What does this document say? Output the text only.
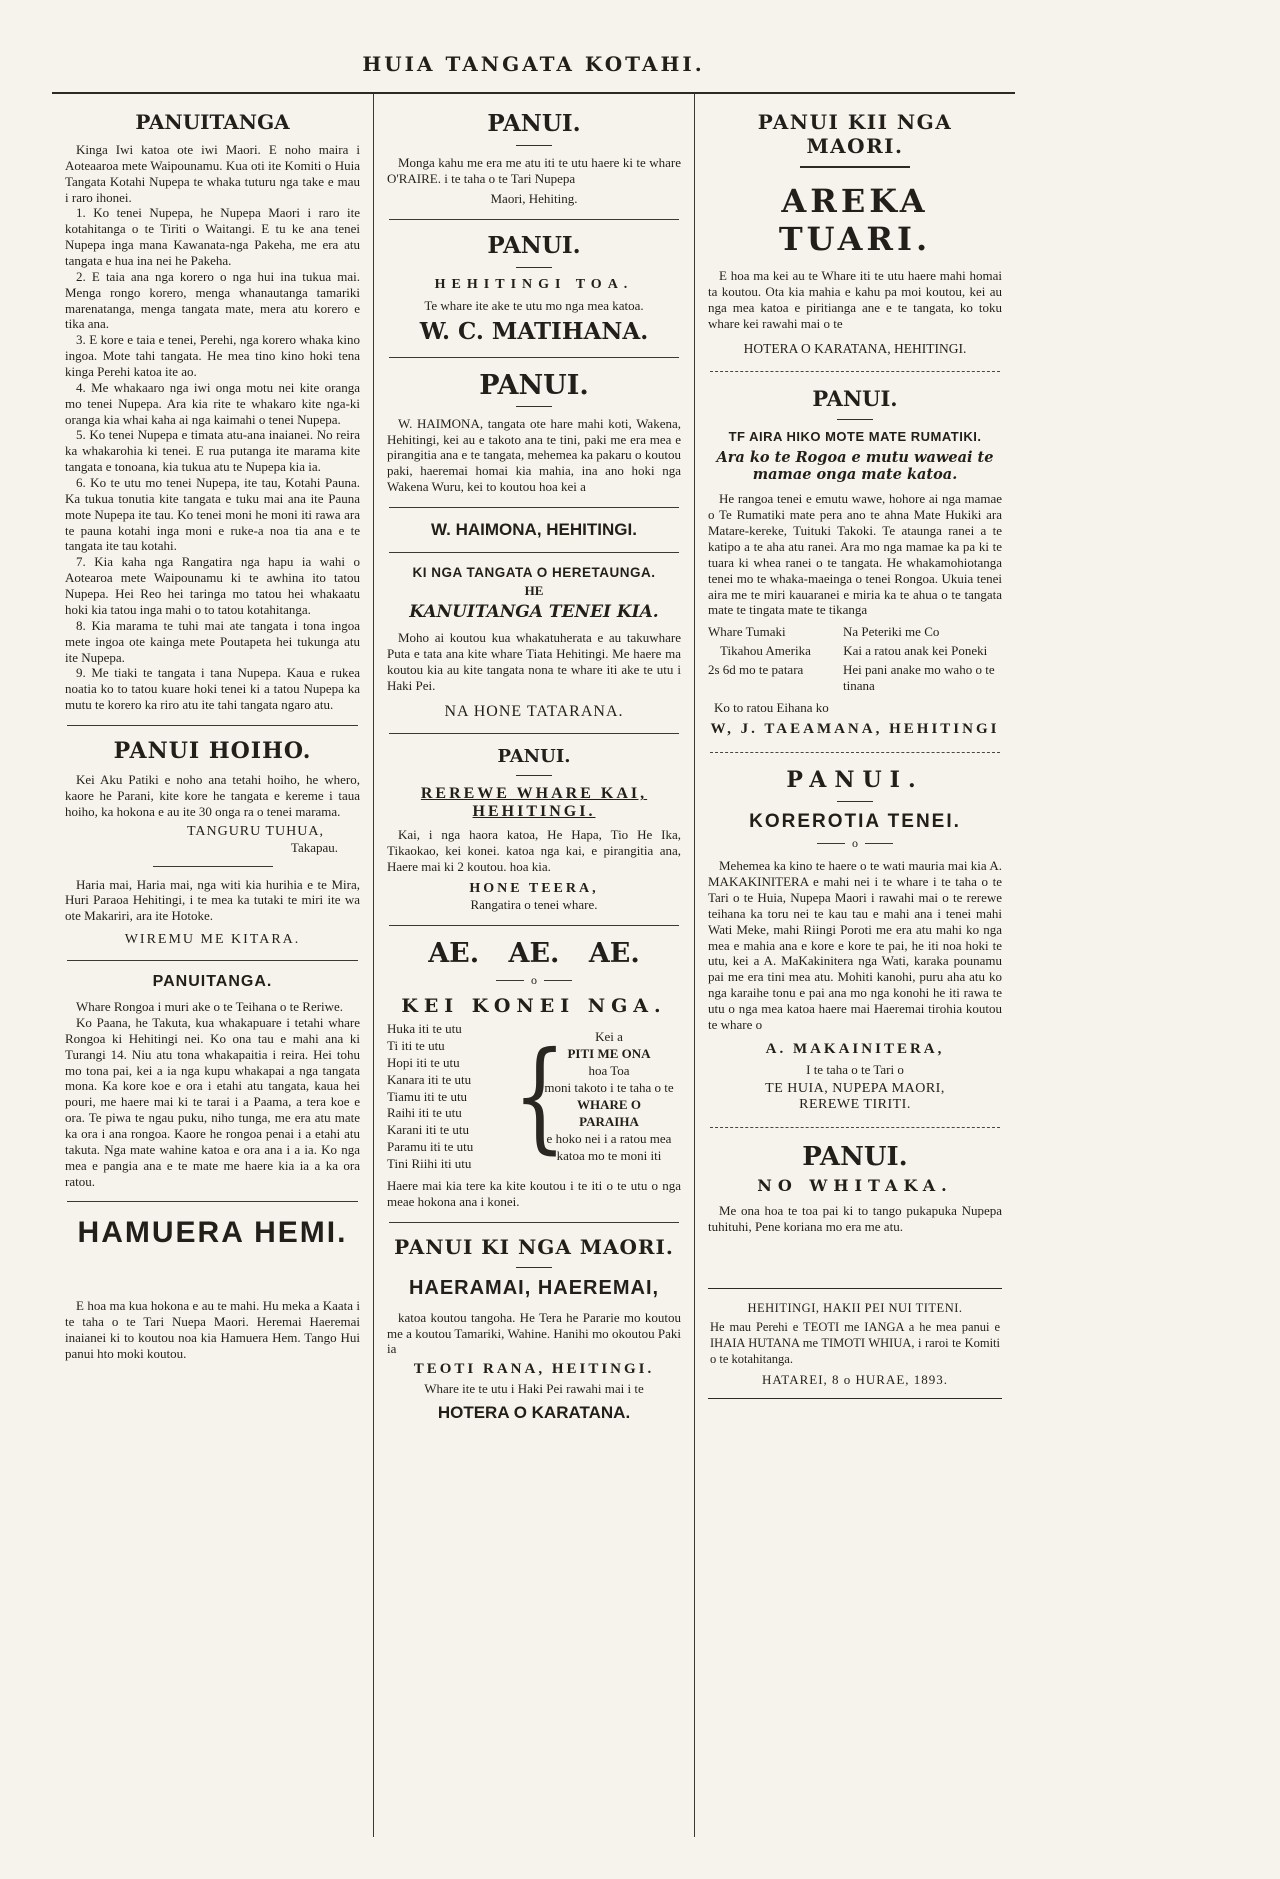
HUIA TANGATA KOTAHI.
PANUITANGA

Kinga Iwi katoa ote iwi Maori. E noho maira i Aoteaaroa mete Waipounamu. Kua oti ite Komiti o Huia Tangata Kotahi Nupepa te whaka tuturu nga take e mau i raro ihonei.

1. Ko tenei Nupepa, he Nupepa Maori i raro ite kotahitanga o te Tiriti o Waitangi. E tu ke ana tenei Nupepa inga mana Kawanata-nga Pakeha, me era atu tangata e hua ina nei he Pakeha.

2. E taia ana nga korero o nga hui ina tukua mai. Menga rongo korero, menga whanautanga tamariki marenatanga, menga tangata mate, mera atu korero e tika ana.

3. E kore e taia e tenei, Perehi, nga korero whaka kino ingoa. Mote tahi tangata. He mea tino kino hoki tena kinga Perehi katoa ite ao.

4. Me whakaaro nga iwi onga motu nei kite oranga mo tenei Nupepa. Ara kia rite te whakaro kite nga-ki oranga kia whai kaha ai nga kaimahi o tenei Nupepa.

5. Ko tenei Nupepa e timata atu-ana inaianei. No reira ka whakarohia ki tenei. E rua putanga ite marama kite tangata e tonoana, kia tukua atu te Nupepa kia ia.

6. Ko te utu mo tenei Nupepa, ite tau, Kotahi Pauna. Ka tukua tonutia kite tangata e tuku mai ana ite Pauna mote Nupepa ite tau. Ko tenei moni he moni iti rawa ara te pauna kotahi inga moni e ruke-a noa tia ana e te tangata ite tau kotahi.

7. Kia kaha nga Rangatira nga hapu ia wahi o Aotearoa mete Waipounamu ki te awhina ito tatou Nupepa. Hei Reo hei taringa mo tatou hei whakaatu hoki kia tatou inga mahi o to tatou kotahitanga.

8. Kia marama te tuhi mai ate tangata i tona ingoa mete ingoa ote kainga mete Poutapeta hei tukunga atu ite Nupepa.

9. Me tiaki te tangata i tana Nupepa. Kaua e rukea noatia ko to tatou kuare hoki tenei ki a tatou Nupepa ka mutu te korero ka riro atu ite tahi tangata ngaro atu.

PANUI HOIHO.

Kei Aku Patiki e noho ana tetahi hoiho, he whero, kaore he Parani, kite kore he tangata e kereme i taua hoiho, ka hokona e au ite 30 onga ra o tenei marama.

TANGURU TUHUA,
Takapau.

Haria mai, Haria mai, nga witi kia hurihia e te Mira, Huri Paraoa Hehitingi, i te mea ka tutaki te miri ite wa ote Makariri, ara ite Hotoke.

WIREMU ME KITARA.
PANUITANGA.

Whare Rongoa i muri ake o te Teihana o te Reriwe.

Ko Paana, he Takuta, kua whakapuare i tetahi whare Rongoa ki Hehitingi nei. Ko ona tau e mahi ana ki Turangi 14. Niu atu tona whakapaitia i reira. Hei tohu mo tona pai, kei a ia nga kupu whakapai a nga tangata mona. Ka kore koe e ora i etahi atu tangata, kaua hei pouri, me haere mai ki te tarai i a Paama, a tera koe e ora. Te piwa te ngau puku, niho tunga, me era atu mate ka ora i ana rongoa. Kaore he rongoa penai i a etahi atu takuta. Nga mate wahine katoa e ora ana i a ia. Ko nga mea e pangia ana e te mate me haere kia ia a ka ora ratou.

HAMUERA HEMI.

E hoa ma kua hokona e au te mahi. Hu meka a Kaata i te taha o te Tari Nuepa Maori. Heremai Haeremai inaianei ki to koutou noa kia Hamuera Hem. Tango Hui panui hto moki koutou.

PANUI.

Monga kahu me era me atu iti te utu haere ki te whare O'RAIRE. i te taha o te Tari Nupepa

Maori, Hehiting.

PANUI.
HEHITINGI TOA.

Te whare ite ake te utu mo nga mea katoa.

W. C. MATIHANA.
PANUI.

W. HAIMONA, tangata ote hare mahi koti, Wakena, Hehitingi, kei au e takoto ana te tini, paki me era mea e pirangitia ana e te tangata, mehemea ka pakaru o koutou paki, haeremai homai kia mahia, ina ano hoki nga Wakena Wuru, kei to koutou hoa kei a

W. HAIMONA, HEHITINGI.
KI NGA TANGATA O HERETAUNGA.
HE
KANUITANGA TENEI KIA.

Moho ai koutou kua whakatuherata e au takuwhare Puta e tata ana kite whare Tiata Hehitingi. Me haere ma koutou kia au kite tangata nona te whare iti ake te utu i Haki Pei.

NA HONE TATARANA.
PANUI.
REREWE WHARE KAI,
HEHITINGI.

Kai, i nga haora katoa, He Hapa, Tio He Ika, Tikaokao, kei konei. katoa nga kai, e pirangitia ana, Haere mai ki 2 koutou. hoa kia.

HONE TEERA,
Rangatira o tenei whare.
AE. AE. AE.
o
KEI KONEI NGA.
Huka iti te utu
Ti iti te utu
Hopi iti te utu
Kanara iti te utu
Tiamu iti te utu
Raihi iti te utu
Karani iti te utu
Paramu iti te utu
Tini Riihi iti utu {	Kei a
PITI ME ONA
hoa Toa
moni takoto i te taha o te
WHARE O
PARAIHA
e hoko nei i a ratou mea katoa mo te moni iti

Haere mai kia tere ka kite koutou i te iti o te utu o nga meae hokona ana i konei.

PANUI KI NGA MAORI.
HAERAMAI, HAEREMAI,

katoa koutou tangoha. He Tera he Pararie mo koutou me a koutou Tamariki, Wahine. Hanihi mo okoutou Paki ia

TEOTI RANA, HEITINGI.

Whare ite te utu i Haki Pei rawahi mai i te

HOTERA O KARATANA.
PANUI KII NGA MAORI.
AREKA TUARI.

E hoa ma kei au te Whare iti te utu haere mahi homai ta koutou. Ota kia mahia e kahu pa moi koutou, kei au nga mea katoa e piritianga ane e te tangata, ko toku whare kei rawahi mai o te

HOTERA O KARATANA, HEHITINGI.

PANUI.
TF AIRA HIKO MOTE MATE RUMATIKI.
Ara ko te Rogoa e mutu waweai te mamae onga mate katoa.

He rangoa tenei e emutu wawe, hohore ai nga mamae o Te Rumatiki mate pera ano te ahna Mate Hukiki ara Matare-kereke, Tuituki Takoki. Te ataunga ranei a te katipo a te aha atu ranei. Ara mo nga mamae ka pa ki te tuara ki whea ranei o te tangata. He whakamohiotanga tenei mo te whaka-maeinga o tenei Rongoa. Ukuia tenei aira me te miri kauaranei e miria ka te ahua o te tangata mate te tingata mate te tikanga

Whare Tumaki	Na Peteriki me Co
Tikahou Amerika	Kai a ratou anak kei Poneki
2s 6d mo te patara	Hei pani anake mo waho o te tinana

Ko to ratou Eihana ko

W, J. TAEAMANA, HEHITINGI
PANUI.
KOREROTIA TENEI.
o

Mehemea ka kino te haere o te wati mauria mai kia A. MAKAKINITERA e mahi nei i te whare i te taha o te Tari o te Huia, Nupepa Maori i rawahi mai o te rerewe teihana ka toru nei te kau tau e mahi ana i tenei mahi Wati Meke, mahi Riingi Poroti me era atu mahi ko nga mea e mahia ana e kore e kore te pai, he iti noa hoki te utu, kei a A. MaKakinitera nga Wati, karaka pounamu pai me era tini mea atu. Mohiti kanohi, puru aha atu ko nga karaihe tonu e pai ana mo nga konohi he iti rawa te utu o nga mea katoa haere mai Haeremai tirohia koutou te whare o

A. MAKAINITERA,
I te taha o te Tari o
TE HUIA, NUPEPA MAORI,
REREWE TIRITI.
PANUI.
NO WHITAKA.

Me ona hoa te toa pai ki to tango pukapuka Nupepa tuhituhi, Pene koriana mo era me atu.

HEHITINGI, HAKII PEI NUI TITENI.

He mau Perehi e TEOTI me IANGA a he mea panui e IHAIA HUTANA me TIMOTI WHIUA, i raroi te Komiti o te kotahitanga.

HATAREI, 8 o HURAE, 1893.
